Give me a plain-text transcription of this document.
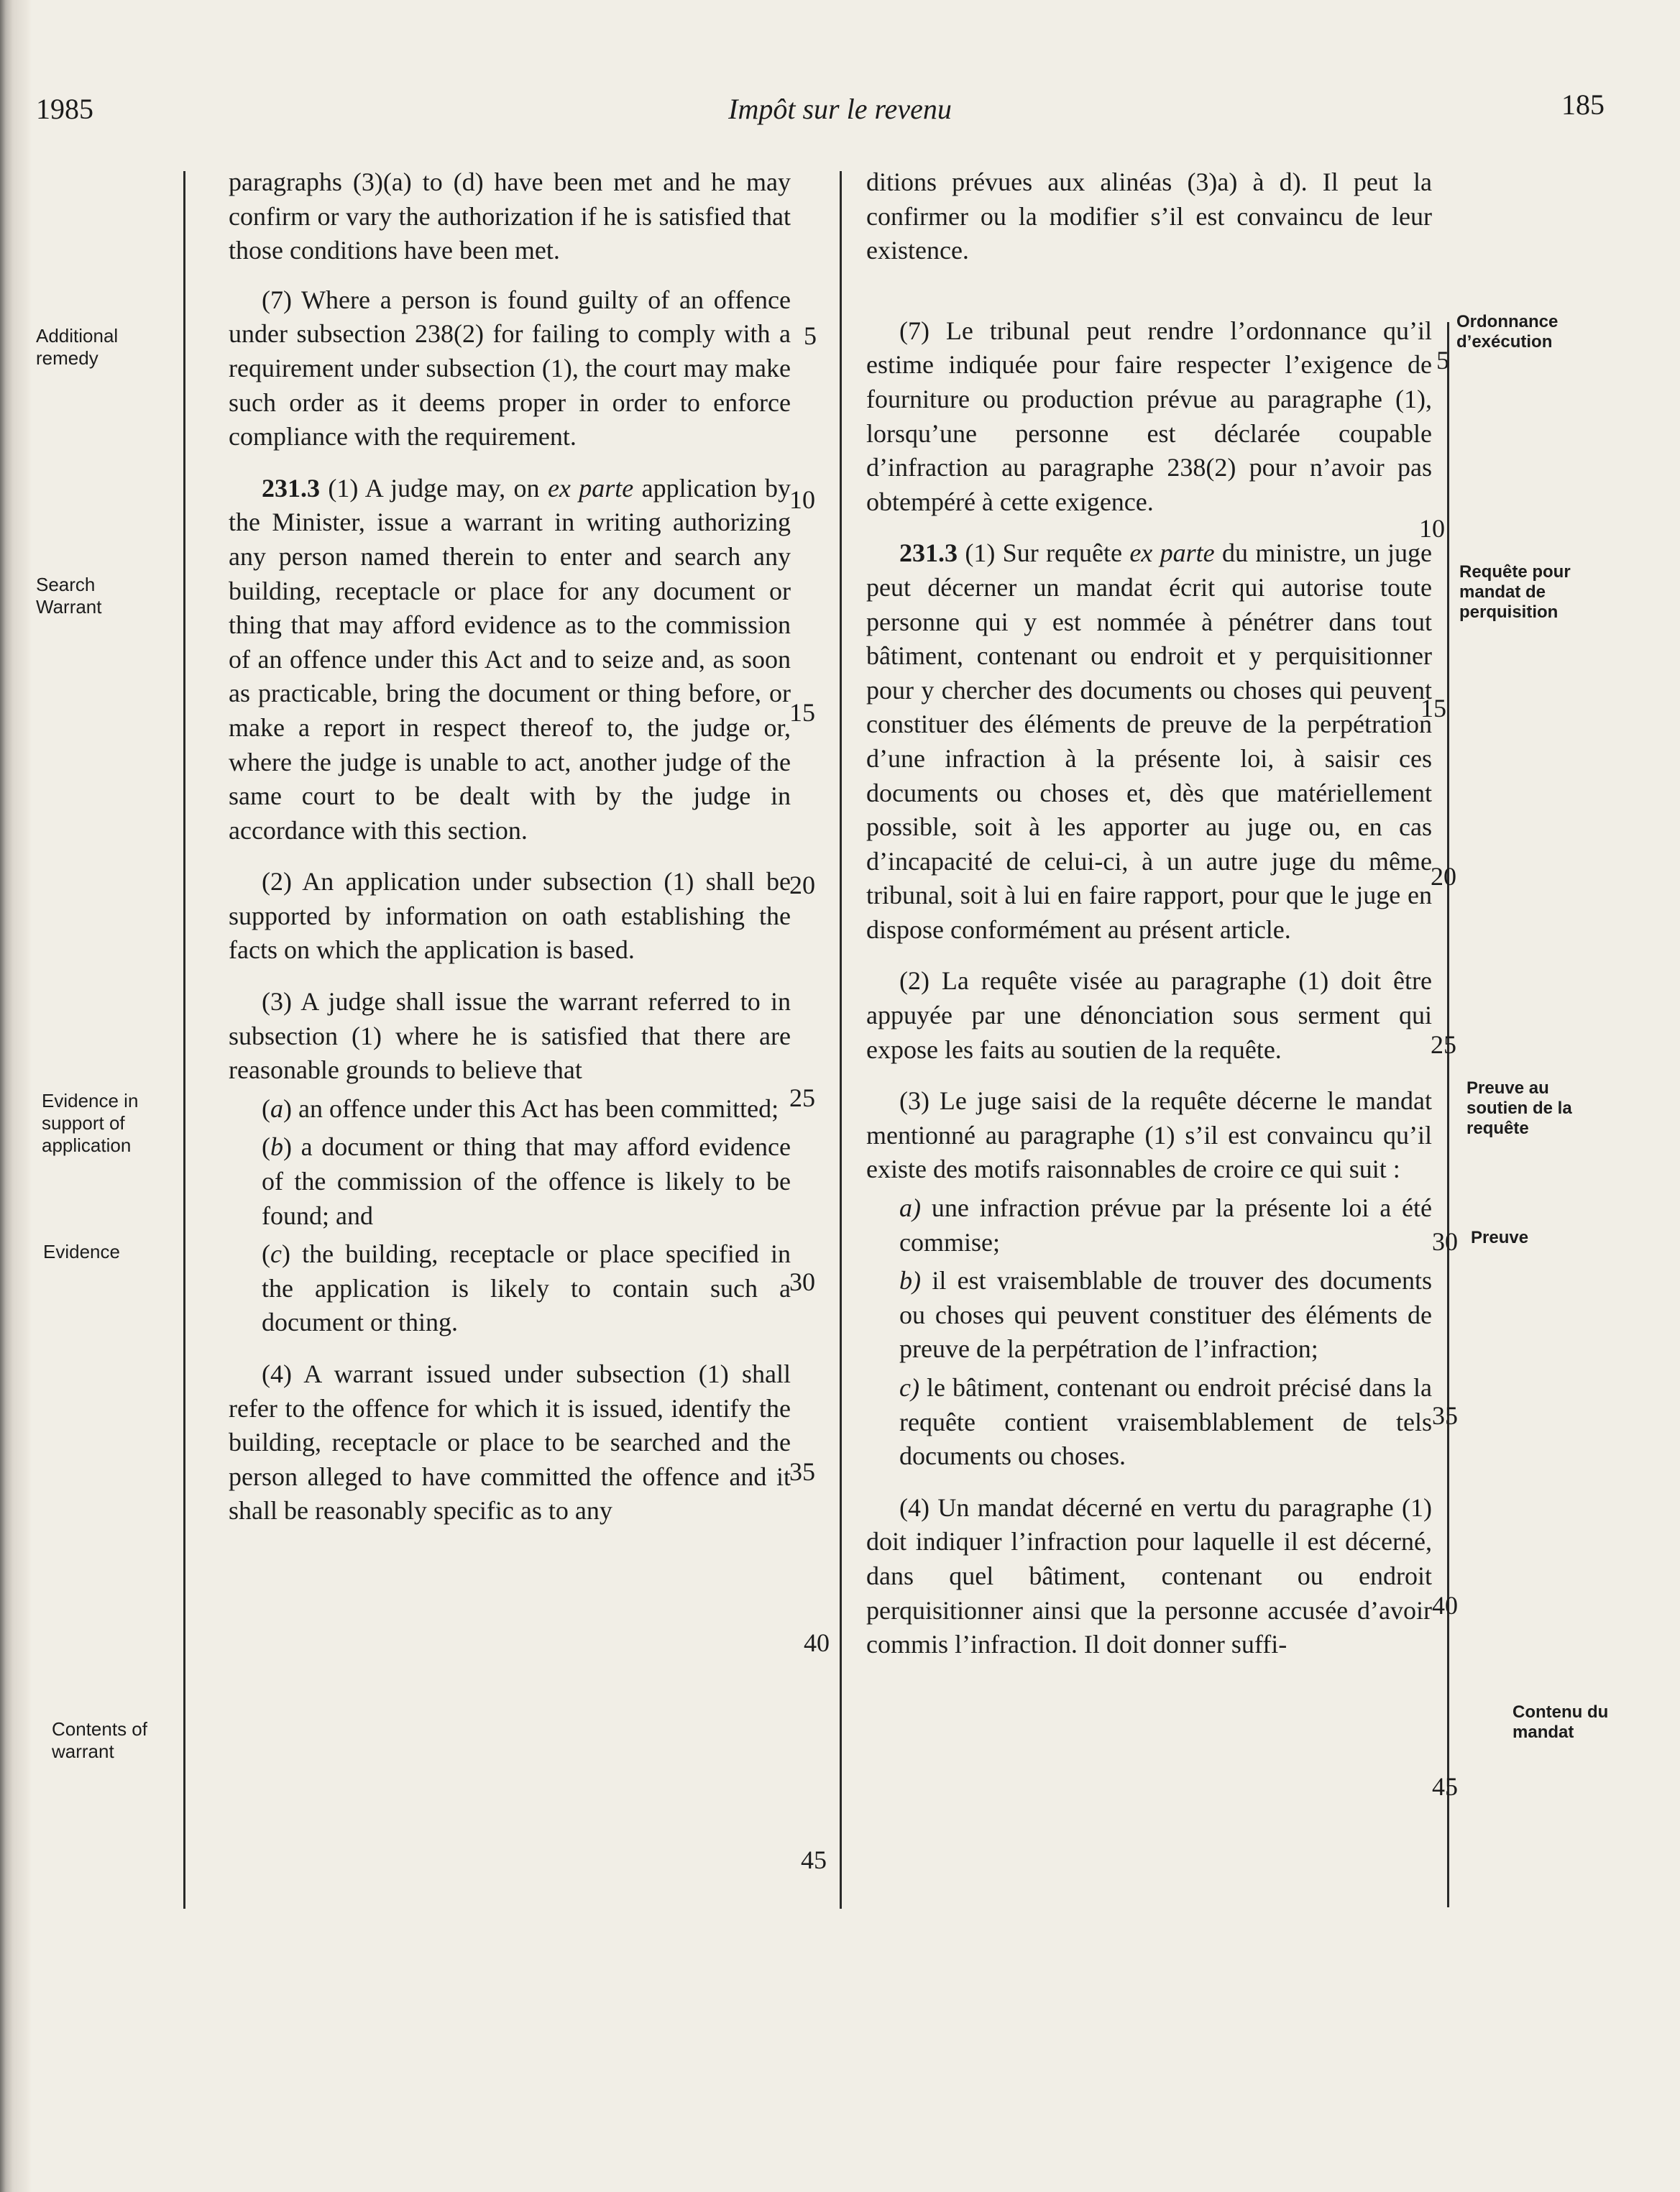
1985	Impôt sur le revenu	185
Additional remedy
Search Warrant
Evidence in support of application
Evidence
Contents of warrant
Ordonnance d’exécution
Requête pour mandat de perquisition
Preuve au soutien de la requête
Preuve
Contenu du mandat

paragraphs (3)(a) to (d) have been met and he may confirm or vary the authorization if he is satisfied that those conditions have been met.

(7) Where a person is found guilty of an offence under subsection 238(2) for failing to comply with a requirement under subsection (1), the court may make such order as it deems proper in order to enforce compliance with the requirement.

231.3 (1) A judge may, on ex parte application by the Minister, issue a warrant in writing authorizing any person named therein to enter and search any building, receptacle or place for any document or thing that may afford evidence as to the commission of an offence under this Act and to seize and, as soon as practicable, bring the document or thing before, or make a report in respect thereof to, the judge or, where the judge is unable to act, another judge of the same court to be dealt with by the judge in accordance with this section.

(2) An application under subsection (1) shall be supported by information on oath establishing the facts on which the application is based.

(3) A judge shall issue the warrant referred to in subsection (1) where he is satisfied that there are reasonable grounds to believe that

(a) an offence under this Act has been committed;

(b) a document or thing that may afford evidence of the commission of the offence is likely to be found; and

(c) the building, receptacle or place specified in the application is likely to contain such a document or thing.

(4) A warrant issued under subsection (1) shall refer to the offence for which it is issued, identify the building, receptacle or place to be searched and the person alleged to have committed the offence and it shall be reasonably specific as to any

ditions prévues aux alinéas (3)a) à d). Il peut la confirmer ou la modifier s’il est convaincu de leur existence.

(7) Le tribunal peut rendre l’ordonnance qu’il estime indiquée pour faire respecter l’exigence de fourniture ou production prévue au paragraphe (1), lorsqu’une personne est déclarée coupable d’infraction au paragraphe 238(2) pour n’avoir pas obtempéré à cette exigence.

231.3 (1) Sur requête ex parte du ministre, un juge peut décerner un mandat écrit qui autorise toute personne qui y est nommée à pénétrer dans tout bâtiment, contenant ou endroit et y perquisitionner pour y chercher des documents ou choses qui peuvent constituer des éléments de preuve de la perpétration d’une infraction à la présente loi, à saisir ces documents ou choses et, dès que matériellement possible, soit à les apporter au juge ou, en cas d’incapacité de celui-ci, à un autre juge du même tribunal, soit à lui en faire rapport, pour que le juge en dispose conformément au présent article.

(2) La requête visée au paragraphe (1) doit être appuyée par une dénonciation sous serment qui expose les faits au soutien de la requête.

(3) Le juge saisi de la requête décerne le mandat mentionné au paragraphe (1) s’il est convaincu qu’il existe des motifs raisonnables de croire ce qui suit :

a) une infraction prévue par la présente loi a été commise;

b) il est vraisemblable de trouver des documents ou choses qui peuvent constituer des éléments de preuve de la perpétration de l’infraction;

c) le bâtiment, contenant ou endroit précisé dans la requête contient vraisemblablement de tels documents ou choses.

(4) Un mandat décerné en vertu du paragraphe (1) doit indiquer l’infraction pour laquelle il est décerné, dans quel bâtiment, contenant ou endroit perquisitionner ainsi que la personne accusée d’avoir commis l’infraction. Il doit donner suffi-

5
10
15
20
25
30
35
40
45
5
10
15
20
25
30
35
40
45
